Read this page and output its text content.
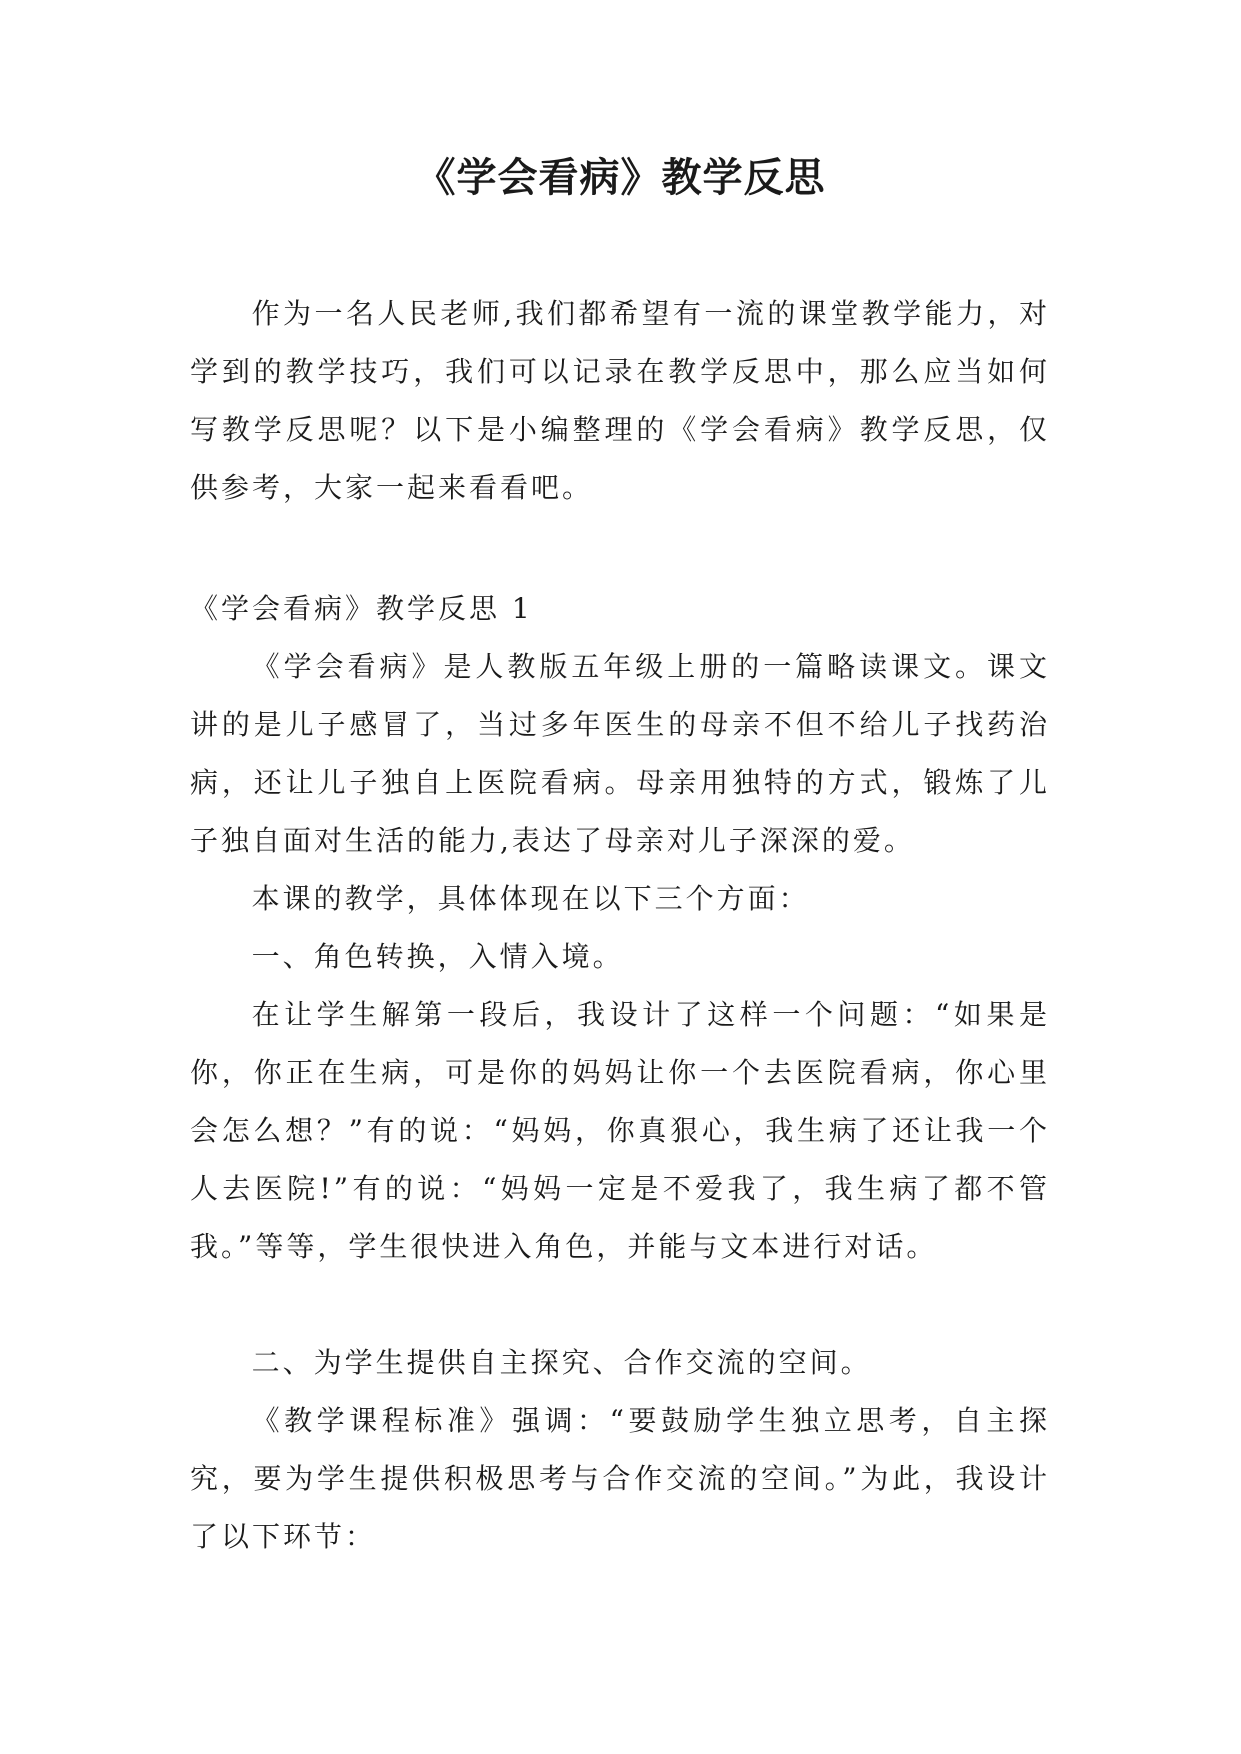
《学会看病》教学反思

作为一名人民老师,我们都希望有一流的课堂教学能力，对学到的教学技巧，我们可以记录在教学反思中，那么应当如何写教学反思呢？以下是小编整理的《学会看病》教学反思，仅供参考，大家一起来看看吧。

《学会看病》教学反思 1

《学会看病》是人教版五年级上册的一篇略读课文。课文讲的是儿子感冒了，当过多年医生的母亲不但不给儿子找药治病，还让儿子独自上医院看病。母亲用独特的方式，锻炼了儿子独自面对生活的能力,表达了母亲对儿子深深的爱。

本课的教学，具体体现在以下三个方面：

一、角色转换，入情入境。

在让学生解第一段后，我设计了这样一个问题：“如果是你，你正在生病，可是你的妈妈让你一个去医院看病，你心里会怎么想？”有的说：“妈妈，你真狠心，我生病了还让我一个人去医院!”有的说：“妈妈一定是不爱我了，我生病了都不管我。”等等，学生很快进入角色，并能与文本进行对话。

二、为学生提供自主探究、合作交流的空间。

《教学课程标准》强调：“要鼓励学生独立思考，自主探究，要为学生提供积极思考与合作交流的空间。”为此，我设计了以下环节：
